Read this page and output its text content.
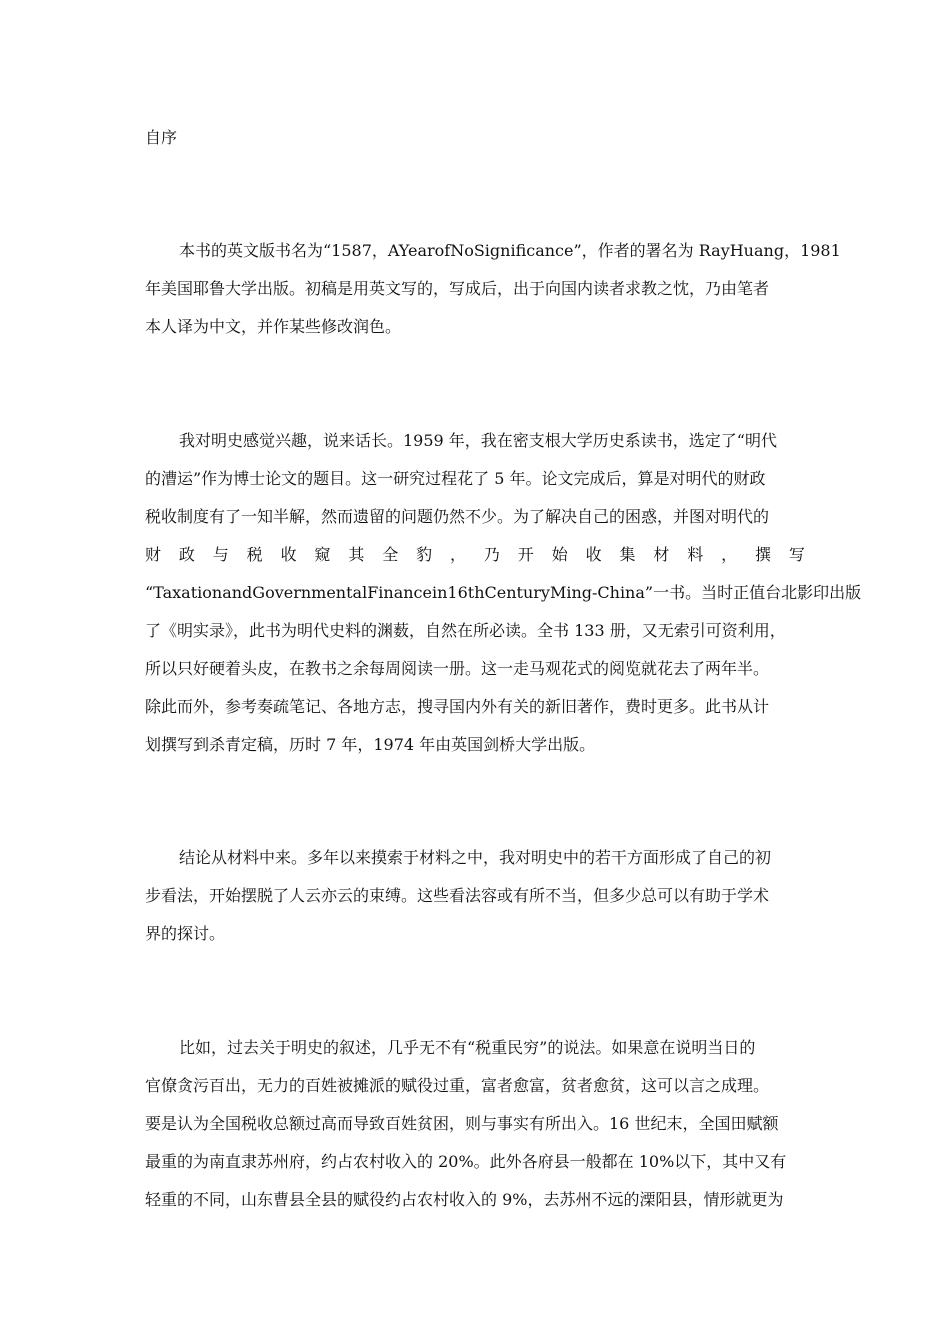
自序
本书的英文版书名为“1587，AYearofNoSignificance”，作者的署名为 RayHuang，1981
年美国耶鲁大学出版。初稿是用英文写的，写成后，出于向国内读者求教之忱，乃由笔者
本人译为中文，并作某些修改润色。
我对明史感觉兴趣，说来话长。1959 年，我在密支根大学历史系读书，选定了“明代
的漕运”作为博士论文的题目。这一研究过程花了 5 年。论文完成后，算是对明代的财政
税收制度有了一知半解，然而遗留的问题仍然不少。为了解决自己的困惑，并图对明代的
财 政 与 税 收 窥 其 全 豹 ， 乃 开 始 收 集 材 料 ， 撰 写
“TaxationandGovernmentalFinancein16thCenturyMing-China”一书。当时正值台北影印出版
了《明实录》，此书为明代史料的渊薮，自然在所必读。全书 133 册，又无索引可资利用，
所以只好硬着头皮，在教书之余每周阅读一册。这一走马观花式的阅览就花去了两年半。
除此而外，参考奏疏笔记、各地方志，搜寻国内外有关的新旧著作，费时更多。此书从计
划撰写到杀青定稿，历时 7 年，1974 年由英国剑桥大学出版。
结论从材料中来。多年以来摸索于材料之中，我对明史中的若干方面形成了自己的初
步看法，开始摆脱了人云亦云的束缚。这些看法容或有所不当，但多少总可以有助于学术
界的探讨。
比如，过去关于明史的叙述，几乎无不有“税重民穷”的说法。如果意在说明当日的
官僚贪污百出，无力的百姓被摊派的赋役过重，富者愈富，贫者愈贫，这可以言之成理。
要是认为全国税收总额过高而导致百姓贫困，则与事实有所出入。16 世纪末，全国田赋额
最重的为南直隶苏州府，约占农村收入的 20%。此外各府县一般都在 10%以下，其中又有
轻重的不同，山东曹县全县的赋役约占农村收入的 9%，去苏州不远的溧阳县，情形就更为
